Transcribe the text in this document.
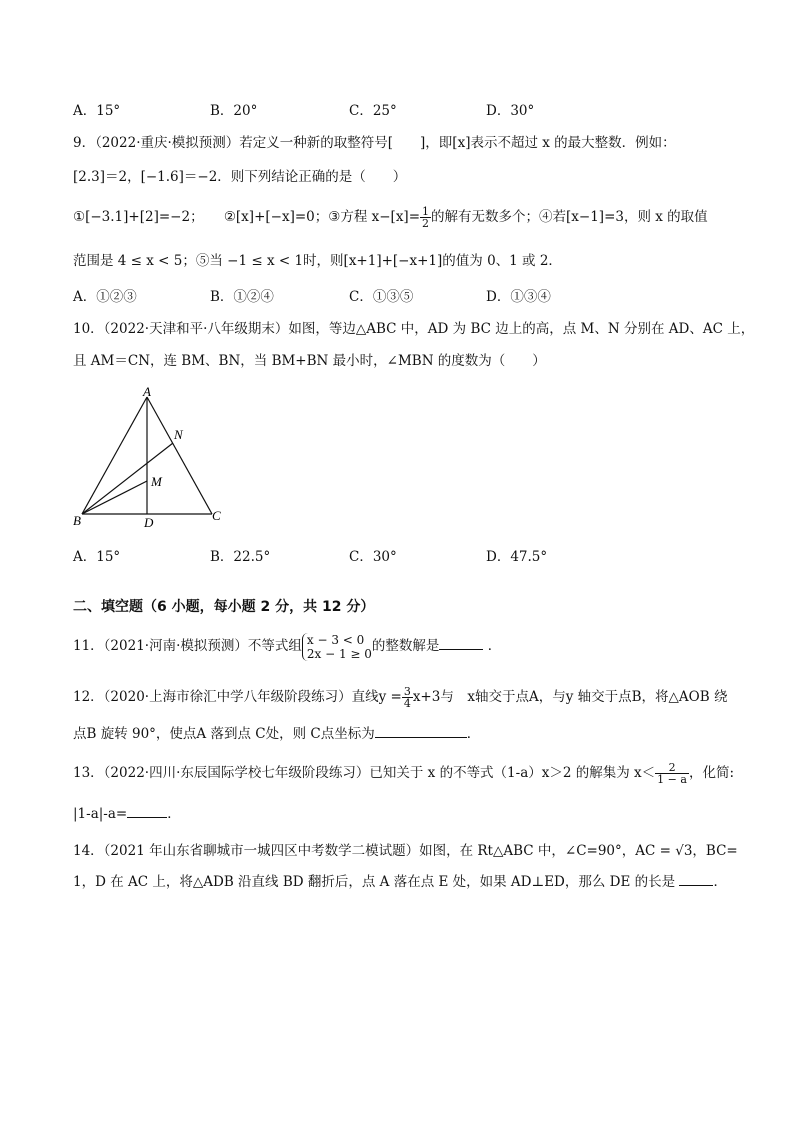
A．15°	B．20°	C．25°	D．30°
9．（2022·重庆·模拟预测）若定义一种新的取整符号[　　]，即[x]表示不超过 x 的最大整数．例如：
[2.3]＝2，[−1.6]＝−2．则下列结论正确的是（　　）
①[−3.1]+[2]=−2；　　②[x]+[−x]=0；③方程 $x-[x]= \frac{1}{2}$ 的解有无数多个；④若[x−1]=3，则 x 的取值
范围是 4 ≤ x < 5；⑤当 −1 ≤ x < 1时，则[x+1]+[−x+1]的值为 0、1 或 2．
A．①②③	B．①②④	C．①③⑤	D．①③④
10．（2022·天津和平·八年级期末）如图，等边△ABC 中，AD 为 BC 边上的高，点 M、N 分别在 AD、AC 上，
且 AM＝CN，连 BM、BN，当 BM+BN 最小时，∠MBN 的度数为（　　）
A
N
M
B	D	C
A．15°	B．22.5°	C．30°	D．47.5°
二、填空题（6 小题，每小题 2 分，共 12 分）
11．（2021·河南·模拟预测）不等式组 x − 3 < 0
2x − 1 ≥ 0 的整数解是	．
12．（2020·上海市徐汇中学八年级阶段练习）直线$y = \frac{3}{4} x+3$与　x轴交于点A，与y 轴交于点B，将△AOB 绕
点B 旋转 90°，使点A 落到点 C处，则 C点坐标为	．
13．（2022·四川·东辰国际学校七年级阶段练习）已知关于 x 的不等式（1-a）x＞2 的解集为 $x< \frac{2}{1 - a}$ ，化简:
|1-a|-a=	．
14．（2021 年山东省聊城市一城四区中考数学二模试题）如图，在 Rt△ABC 中，∠C=90°，AC = √3，BC=
1，D 在 AC 上，将△ADB 沿直线 BD 翻折后，点 A 落在点 E 处，如果 AD⊥ED，那么 DE 的长是	．
